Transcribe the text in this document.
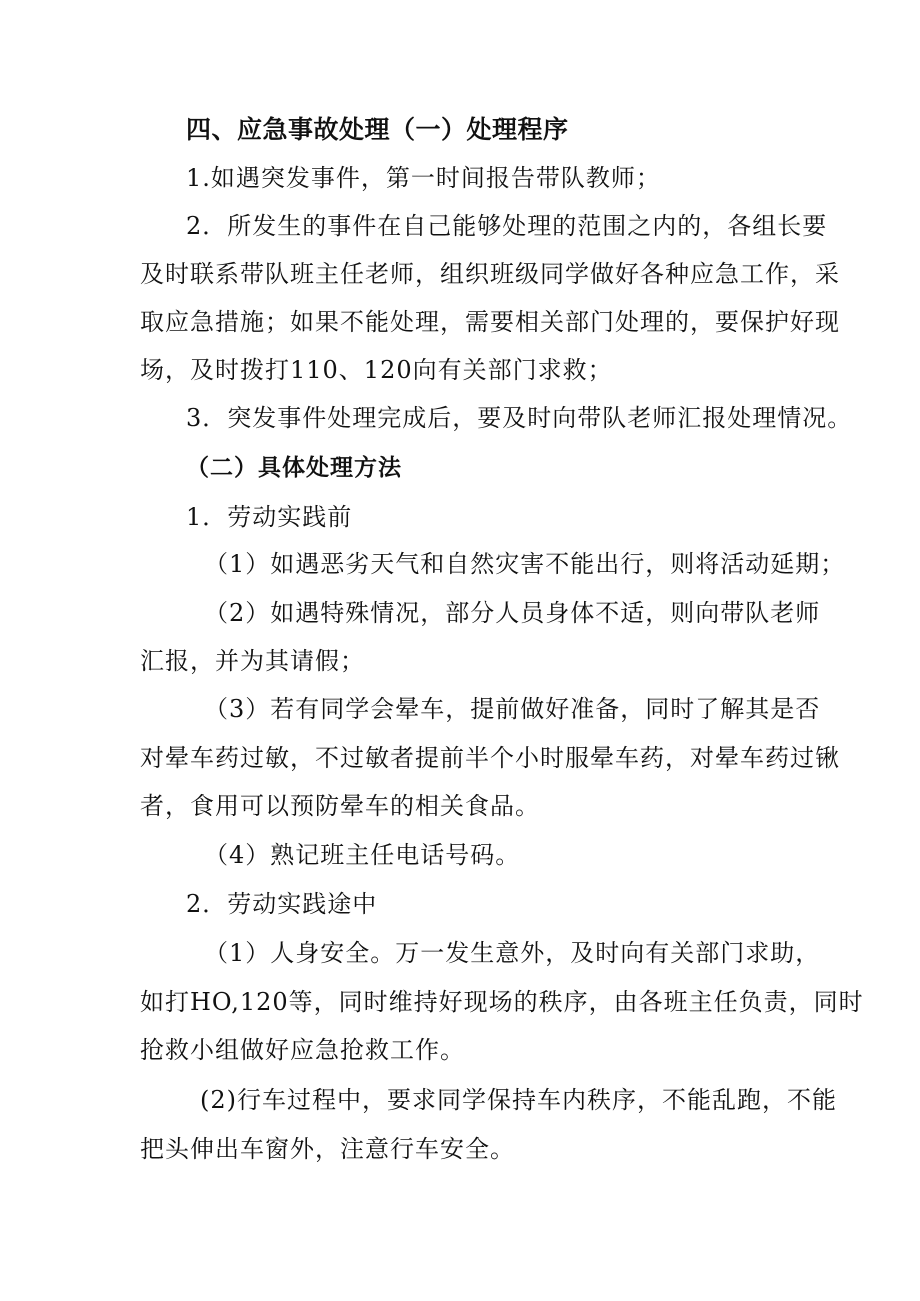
四、应急事故处理（一）处理程序
1.如遇突发事件，第一时间报告带队教师；
2．所发生的事件在自己能够处理的范围之内的，各组长要
及时联系带队班主任老师，组织班级同学做好各种应急工作，采
取应急措施；如果不能处理，需要相关部门处理的，要保护好现
场，及时拨打110、120向有关部门求救；
3．突发事件处理完成后，要及时向带队老师汇报处理情况。
（二）具体处理方法
1．劳动实践前
（1）如遇恶劣天气和自然灾害不能出行，则将活动延期；
（2）如遇特殊情况，部分人员身体不适，则向带队老师
汇报，并为其请假；
（3）若有同学会晕车，提前做好准备，同时了解其是否
对晕车药过敏，不过敏者提前半个小时服晕车药，对晕车药过锹
者，食用可以预防晕车的相关食品。
（4）熟记班主任电话号码。
2．劳动实践途中
（1）人身安全。万一发生意外，及时向有关部门求助，
如打HO,120等，同时维持好现场的秩序，由各班主任负责，同时
抢救小组做好应急抢救工作。
(2)行车过程中，要求同学保持车内秩序，不能乱跑，不能
把头伸出车窗外，注意行车安全。
